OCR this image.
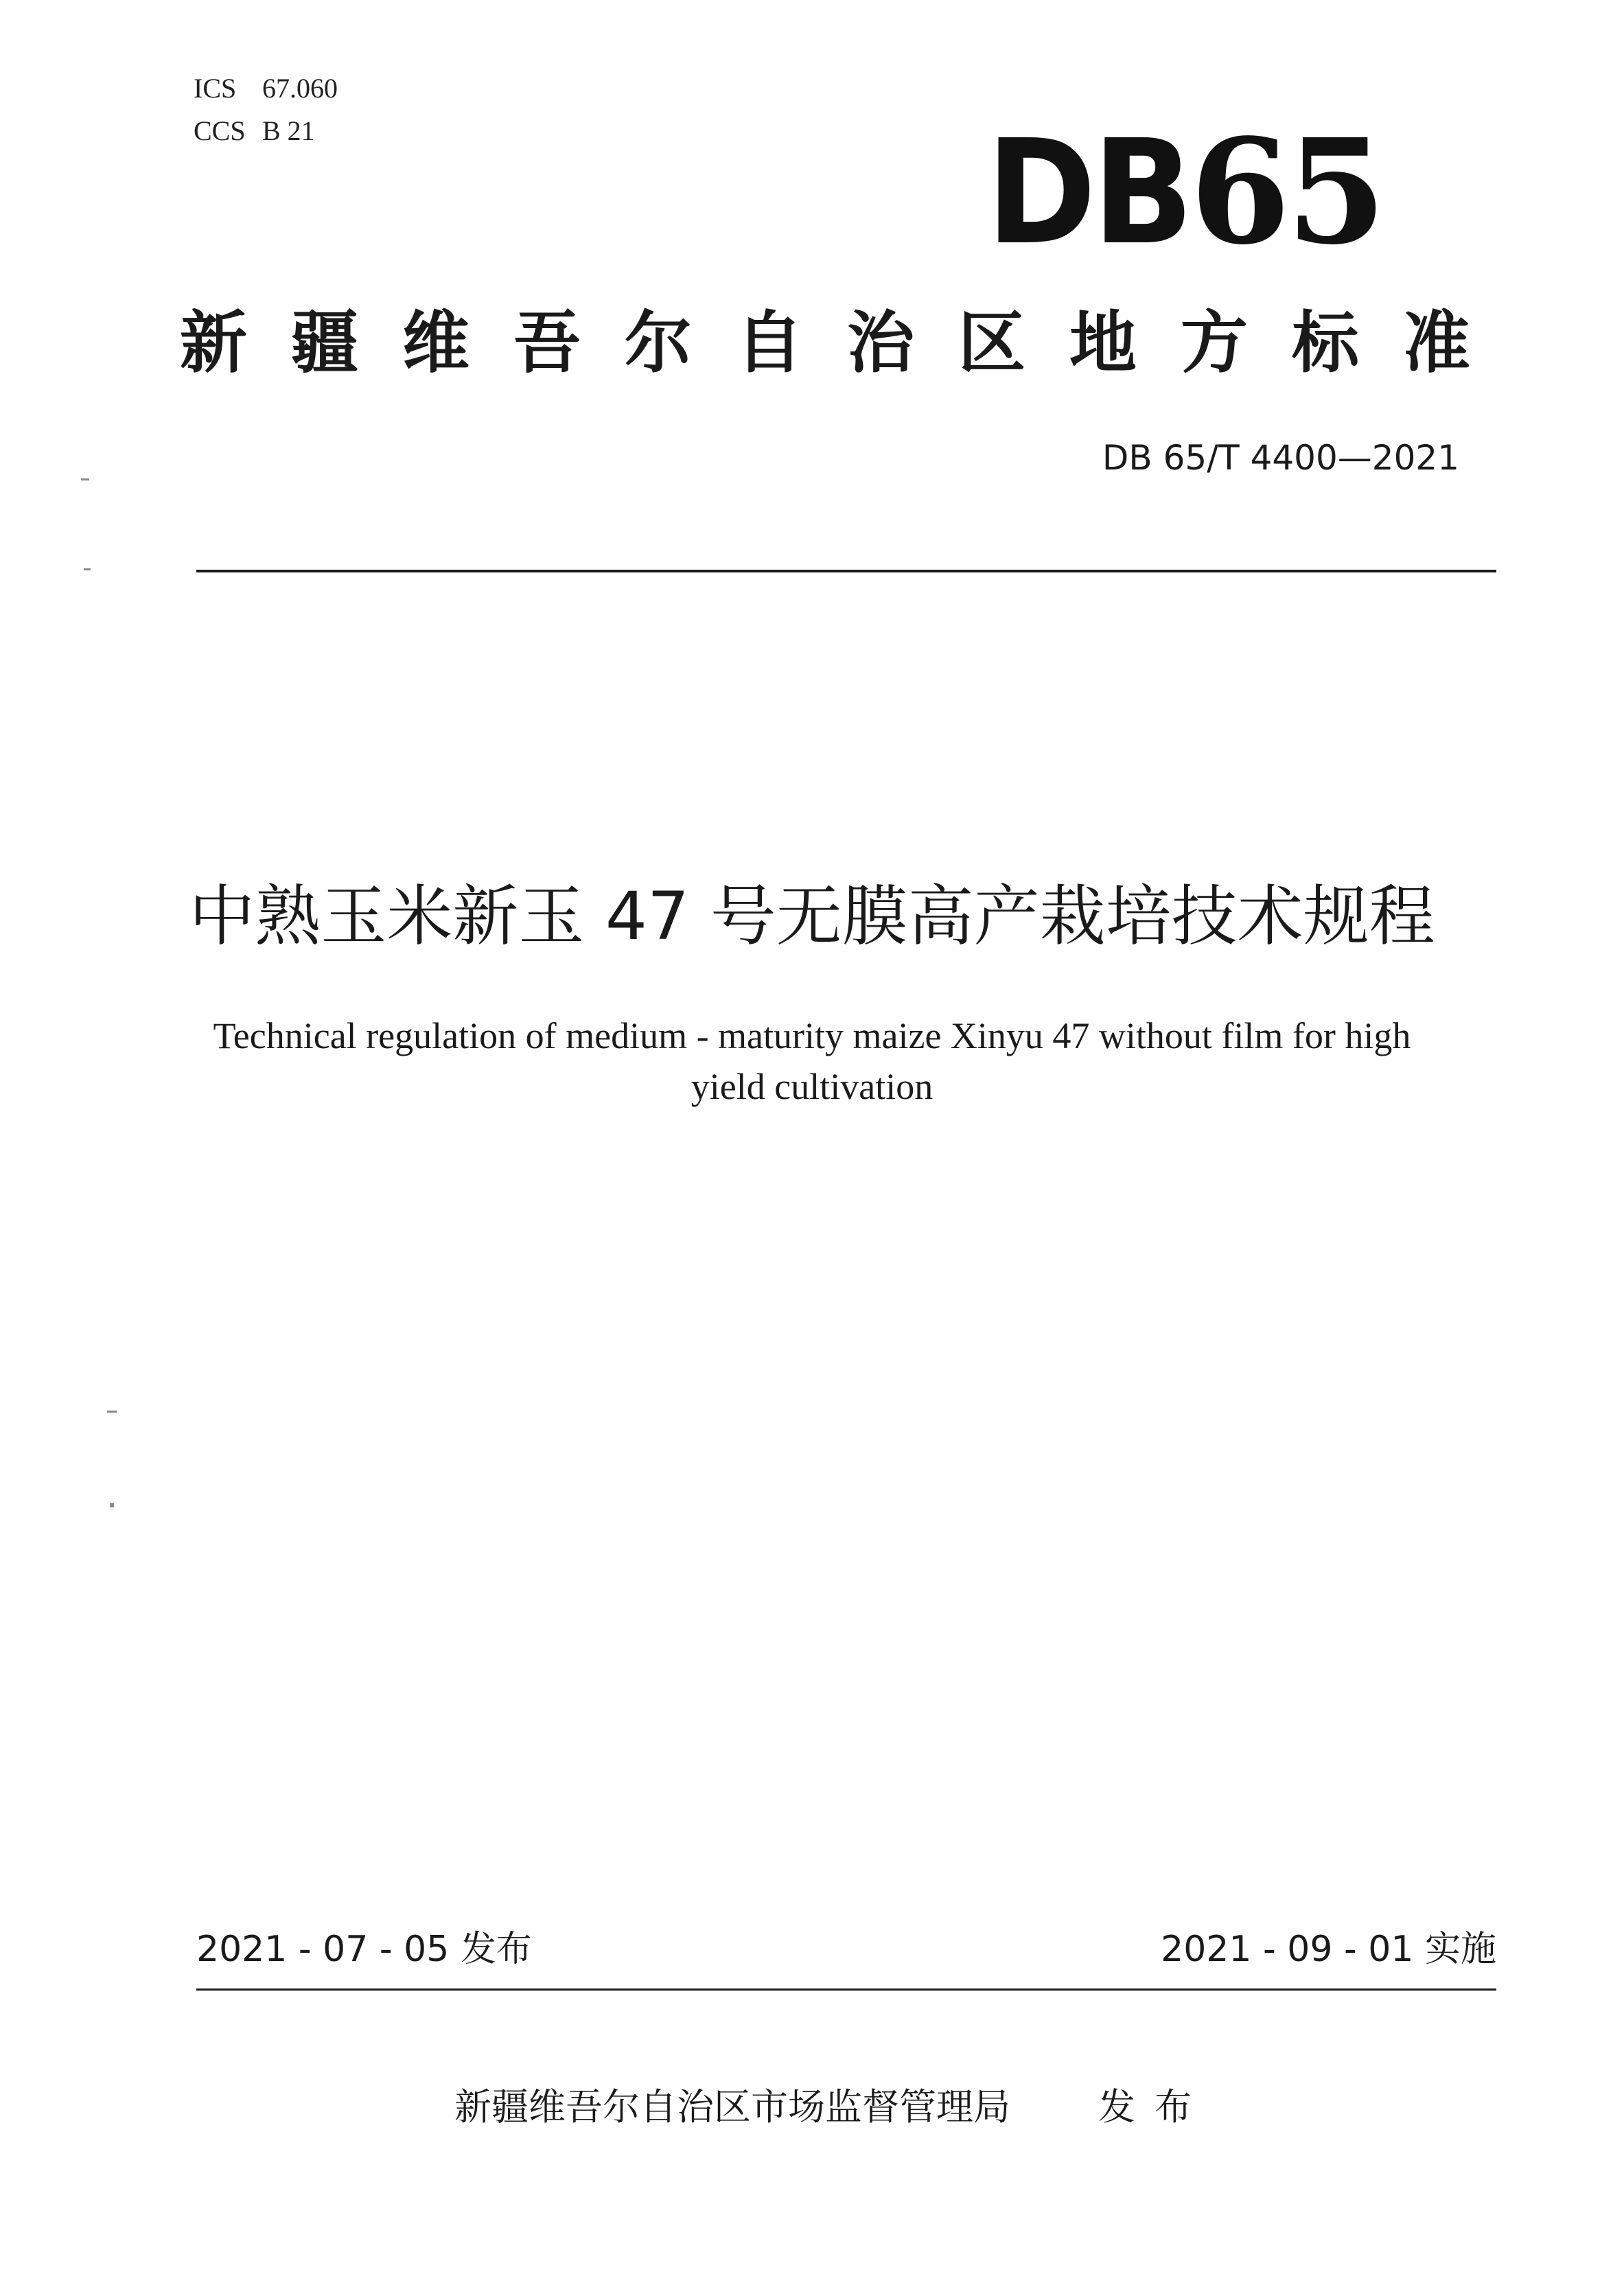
ICS 67.060
CCS B 21	DB65
新疆维吾尔自治区地方标准
DB 65/T 4400—2021
中熟玉米新玉 47 号无膜高产栽培技术规程
Technical regulation of medium - maturity maize Xinyu 47 without film for high yield cultivation
2021 - 07 - 05 发布	2021 - 09 - 01 实施
新疆维吾尔自治区市场监督管理局 发布
